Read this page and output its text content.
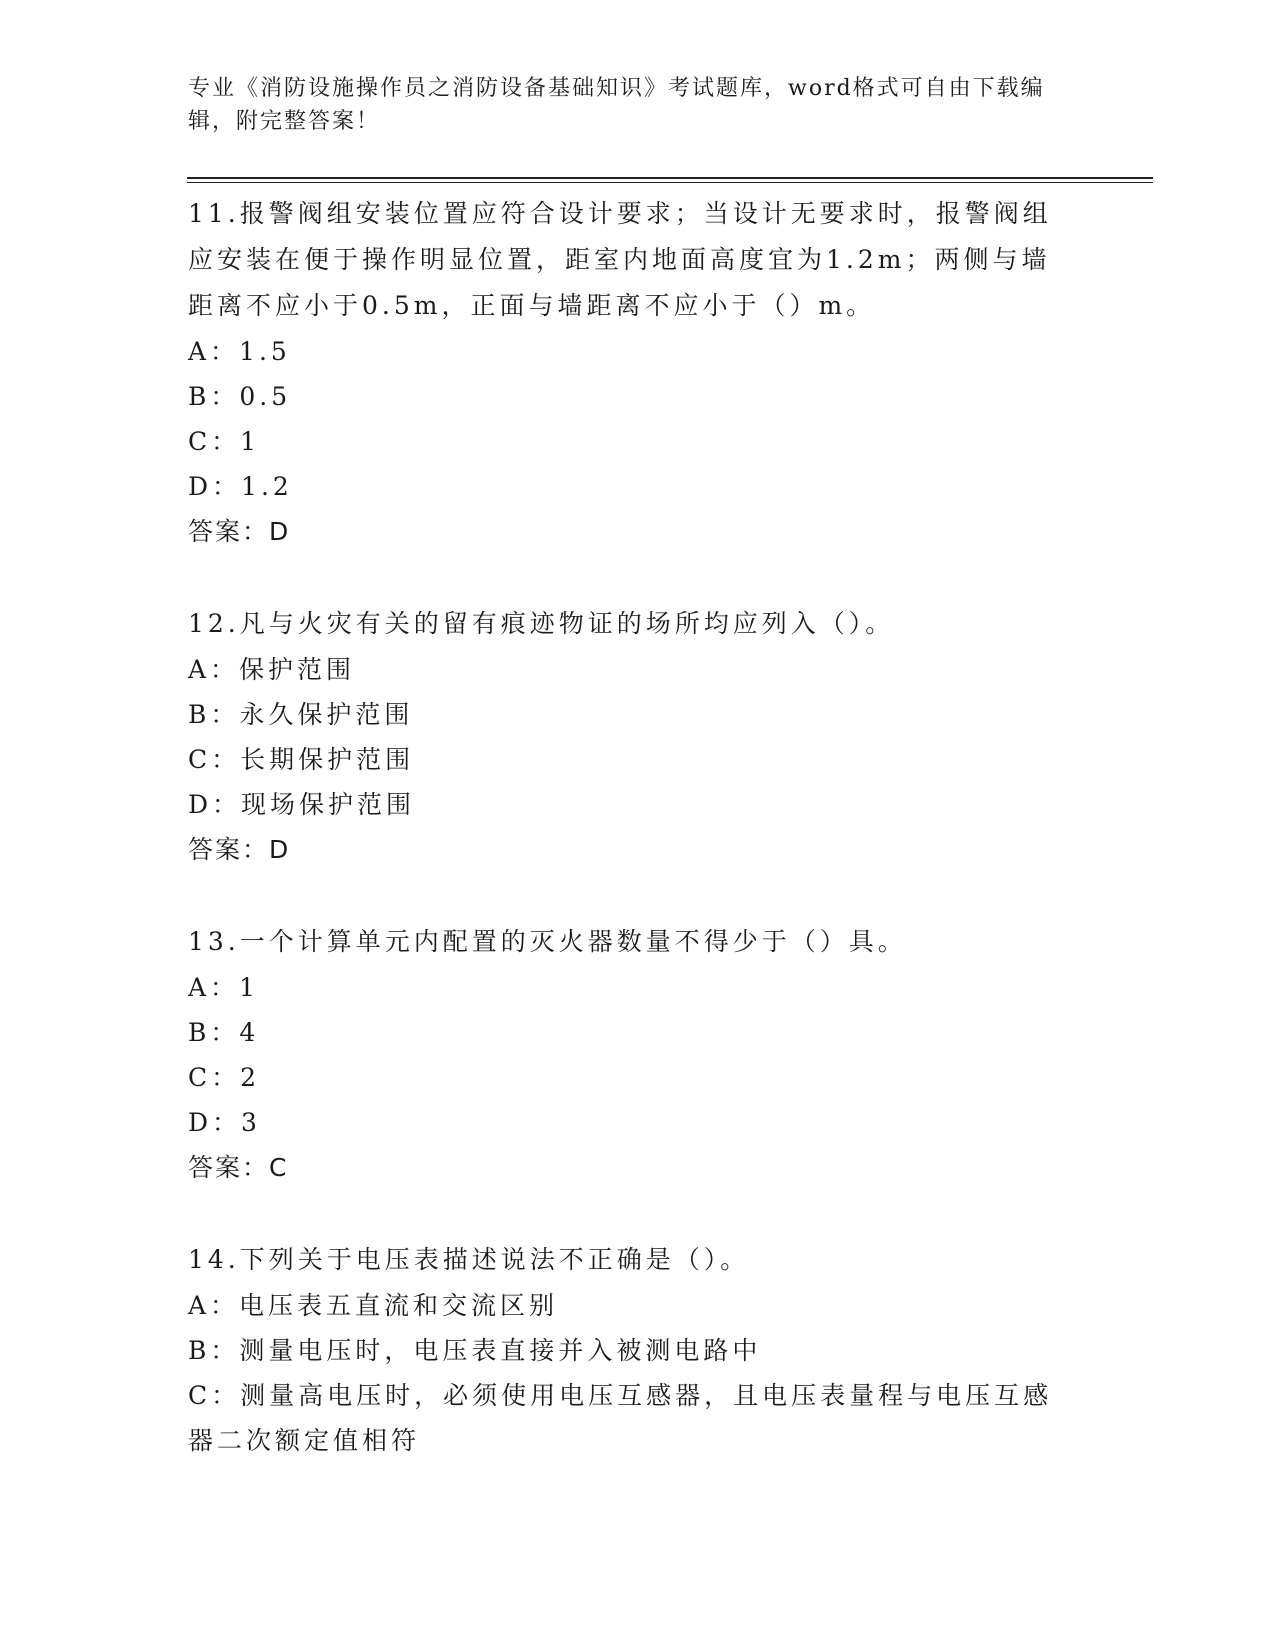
专业《消防设施操作员之消防设备基础知识》考试题库，word格式可自由下载编辑，附完整答案！
11.报警阀组安装位置应符合设计要求；当设计无要求时，报警阀组应安装在便于操作明显位置，距室内地面高度宜为1.2m；两侧与墙距离不应小于0.5m，正面与墙距离不应小于（）m。
A：1.5
B：0.5
C：1
D：1.2
答案：D
12.凡与火灾有关的留有痕迹物证的场所均应列入（）。
A：保护范围
B：永久保护范围
C：长期保护范围
D：现场保护范围
答案：D
13.一个计算单元内配置的灭火器数量不得少于（）具。
A：1
B：4
C：2
D：3
答案：C
14.下列关于电压表描述说法不正确是（）。
A：电压表五直流和交流区别
B：测量电压时，电压表直接并入被测电路中
C：测量高电压时，必须使用电压互感器，且电压表量程与电压互感器二次额定值相符
